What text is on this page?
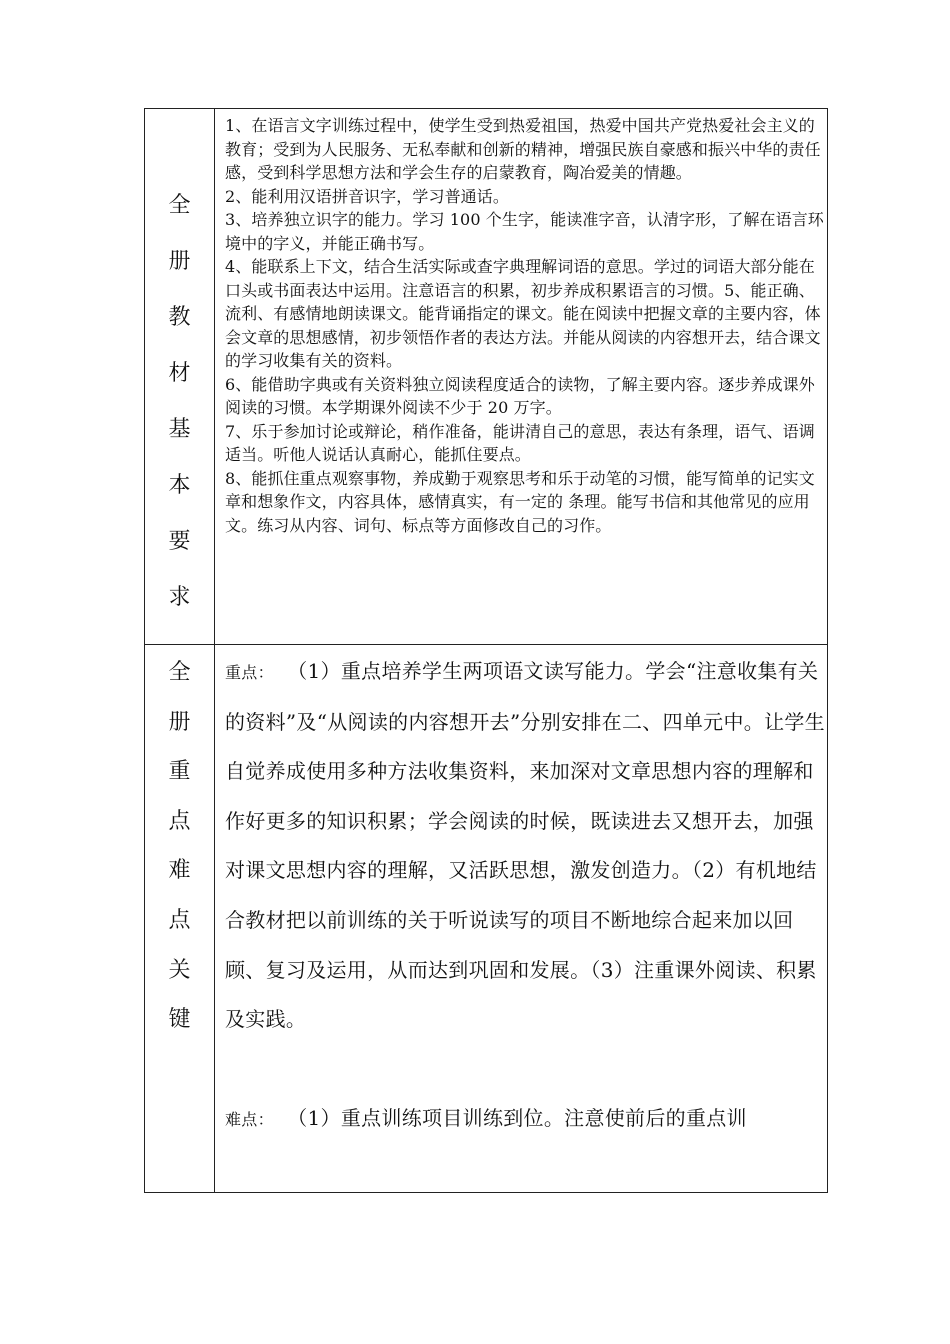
全
册
教
材
基
本
要
求

1、在语言文字训练过程中，使学生受到热爱祖国，热爱中国共产党热爱社会主义的教育；受到为人民服务、无私奉献和创新的精神，增强民族自豪感和振兴中华的责任感，受到科学思想方法和学会生存的启蒙教育，陶冶爱美的情趣。

2、能利用汉语拼音识字，学习普通话。

3、培养独立识字的能力。学习 100 个生字，能读准字音，认清字形，了解在语言环境中的字义，并能正确书写。

4、能联系上下文，结合生活实际或查字典理解词语的意思。学过的词语大部分能在口头或书面表达中运用。注意语言的积累，初步养成积累语言的习惯。5、能正确、流利、有感情地朗读课文。能背诵指定的课文。能在阅读中把握文章的主要内容，体会文章的思想感情，初步领悟作者的表达方法。并能从阅读的内容想开去，结合课文的学习收集有关的资料。

6、能借助字典或有关资料独立阅读程度适合的读物，了解主要内容。逐步养成课外阅读的习惯。本学期课外阅读不少于 20 万字。

7、乐于参加讨论或辩论，稍作准备，能讲清自己的意思，表达有条理，语气、语调适当。听他人说话认真耐心，能抓住要点。

8、能抓住重点观察事物，养成勤于观察思考和乐于动笔的习惯，能写简单的记实文章和想象作文，内容具体，感情真实，有一定的 条理。能写书信和其他常见的应用文。练习从内容、词句、标点等方面修改自己的习作。

全
册
重
点
难
点
关
键

重点： （1）重点培养学生两项语文读写能力。学会“注意收集有关的资料”及“从阅读的内容想开去”分别安排在二、四单元中。让学生自觉养成使用多种方法收集资料，来加深对文章思想内容的理解和作好更多的知识积累；学会阅读的时候，既读进去又想开去，加强对课文思想内容的理解，又活跃思想，激发创造力。（2）有机地结合教材把以前训练的关于听说读写的项目不断地综合起来加以回顾、复习及运用，从而达到巩固和发展。（3）注重课外阅读、积累及实践。

难点： （1）重点训练项目训练到位。注意使前后的重点训
